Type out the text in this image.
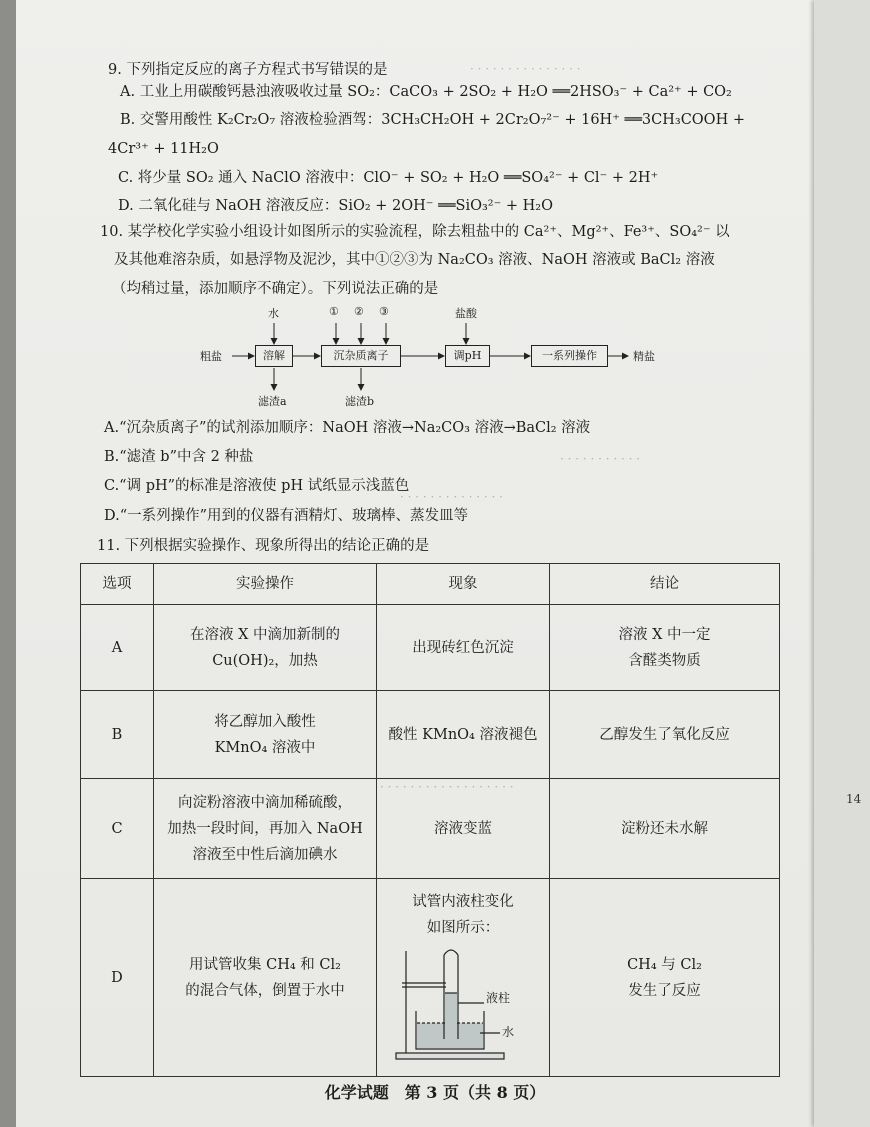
· · · · · · · · · · · · · · ·
· · · · · · · · · · ·
· · · · · · · · · · · · · ·
· · · · · · · · · · · · · · · · · ·
14
9. 下列指定反应的离子方程式书写错误的是
A. 工业上用碳酸钙悬浊液吸收过量 SO₂：CaCO₃ + 2SO₂ + H₂O ══2HSO₃⁻ + Ca²⁺ + CO₂
B. 交警用酸性 K₂Cr₂O₇ 溶液检验酒驾：3CH₃CH₂OH + 2Cr₂O₇²⁻ + 16H⁺ ══3CH₃COOH +
4Cr³⁺ + 11H₂O
C. 将少量 SO₂ 通入 NaClO 溶液中：ClO⁻ + SO₂ + H₂O ══SO₄²⁻ + Cl⁻ + 2H⁺
D. 二氧化硅与 NaOH 溶液反应：SiO₂ + 2OH⁻ ══SiO₃²⁻ + H₂O
10. 某学校化学实验小组设计如图所示的实验流程，除去粗盐中的 Ca²⁺、Mg²⁺、Fe³⁺、SO₄²⁻ 以
及其他难溶杂质，如悬浮物及泥沙，其中①②③为 Na₂CO₃ 溶液、NaOH 溶液或 BaCl₂ 溶液
（均稍过量，添加顺序不确定）。下列说法正确的是
水	① ② ③	盐酸
粗盐	溶解	沉杂质离子	调pH	一系列操作	精盐
滤渣a	滤渣b
A.“沉杂质离子”的试剂添加顺序：NaOH 溶液→Na₂CO₃ 溶液→BaCl₂ 溶液
B.“滤渣 b”中含 2 种盐
C.“调 pH”的标准是溶液使 pH 试纸显示浅蓝色
D.“一系列操作”用到的仪器有酒精灯、玻璃棒、蒸发皿等
11. 下列根据实验操作、现象所得出的结论正确的是
选项	实验操作	现象	结论
A	在溶液 X 中滴加新制的
Cu(OH)₂，加热	出现砖红色沉淀	溶液 X 中一定
含醛类物质

B	将乙醇加入酸性
KMnO₄ 溶液中	酸性 KMnO₄ 溶液褪色	乙醇发生了氧化反应
C	向淀粉溶液中滴加稀硫酸，
加热一段时间，再加入 NaOH
溶液至中性后滴加碘水	溶液变蓝	淀粉还未水解
D	用试管收集 CH₄ 和 Cl₂
的混合气体，倒置于水中	试管内液柱变化
如图所示：
液柱
水	CH₄ 与 Cl₂
发生了反应
化学试题　第 3 页（共 8 页）
